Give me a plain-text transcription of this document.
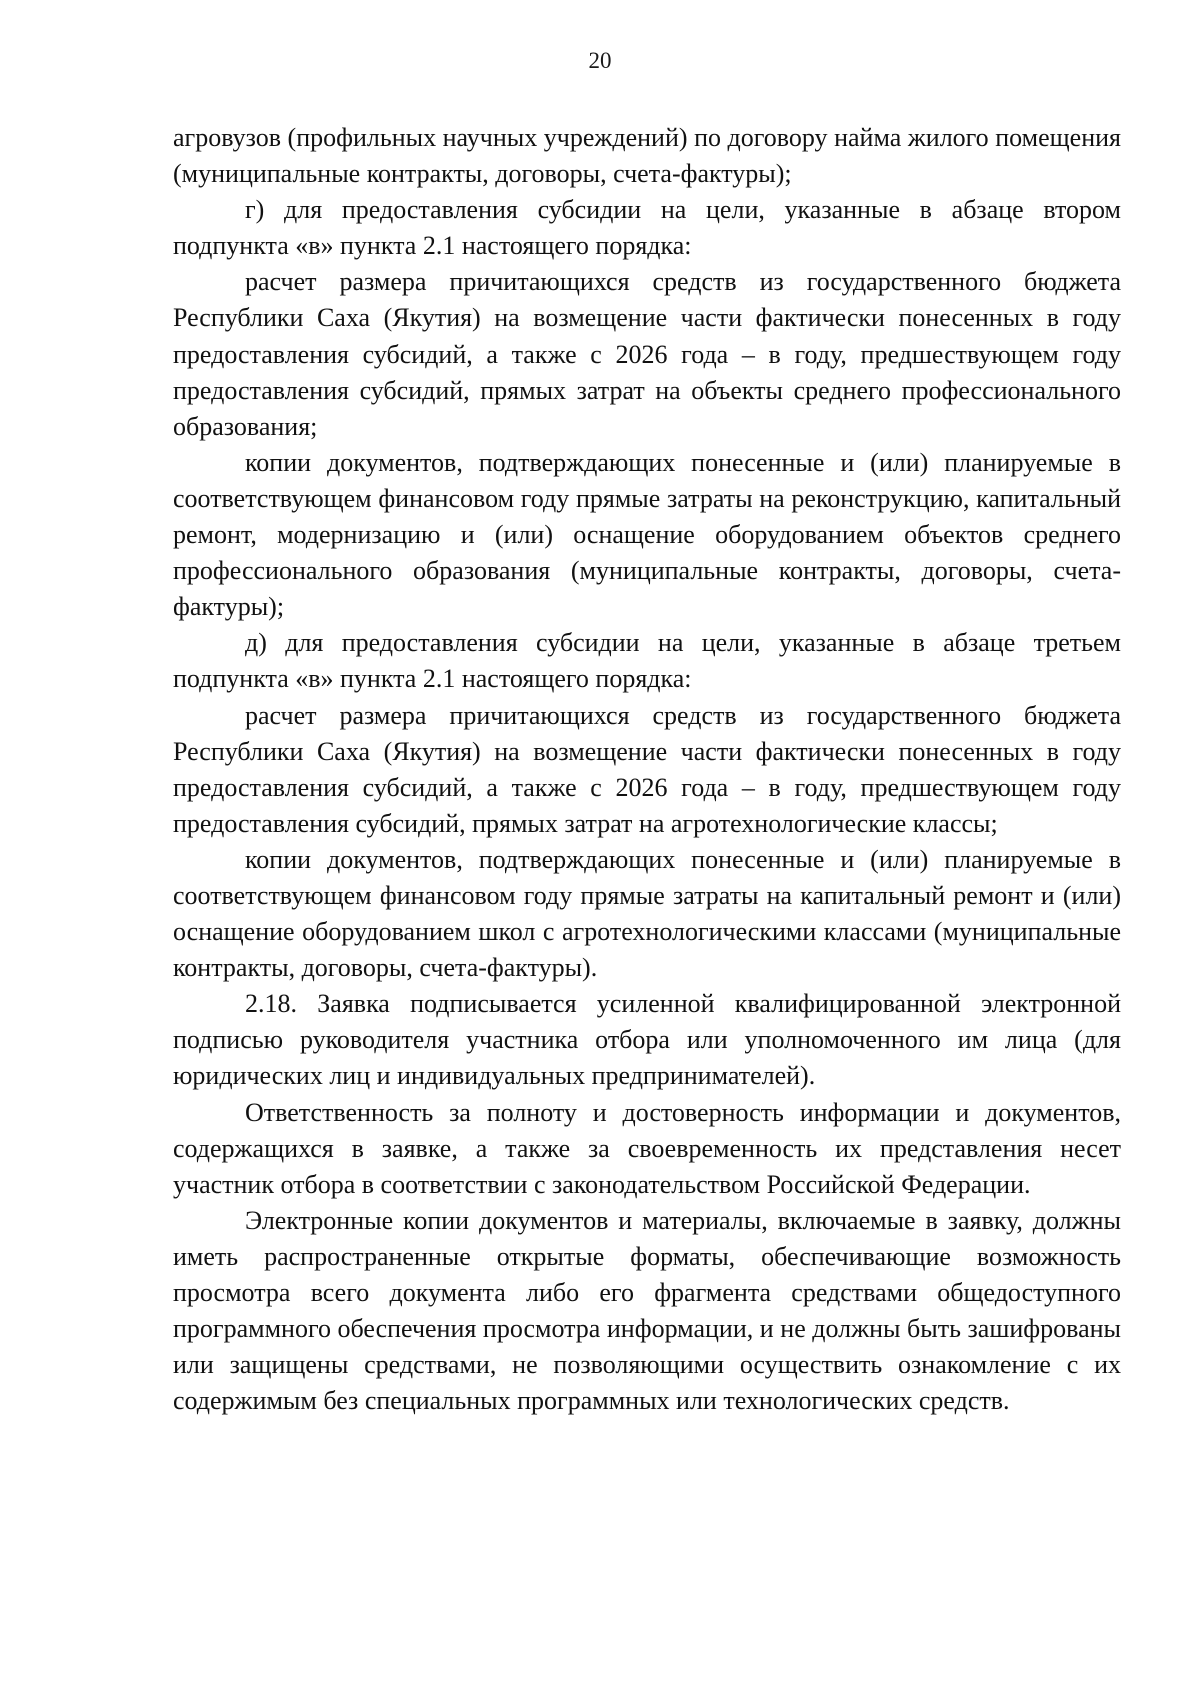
20

агровузов (профильных научных учреждений) по договору найма жилого помещения (муниципальные контракты, договоры, счета-фактуры);

г) для предоставления субсидии на цели, указанные в абзаце втором подпункта «в» пункта 2.1 настоящего порядка:

расчет размера причитающихся средств из государственного бюджета Республики Саха (Якутия) на возмещение части фактически понесенных в году предоставления субсидий, а также с 2026 года – в году, предшествующем году предоставления субсидий, прямых затрат на объекты среднего профессионального образования;

копии документов, подтверждающих понесенные и (или) планируемые в соответствующем финансовом году прямые затраты на реконструкцию, капитальный ремонт, модернизацию и (или) оснащение оборудованием объектов среднего профессионального образования (муниципальные контракты, договоры, счета-фактуры);

д) для предоставления субсидии на цели, указанные в абзаце третьем подпункта «в» пункта 2.1 настоящего порядка:

расчет размера причитающихся средств из государственного бюджета Республики Саха (Якутия) на возмещение части фактически понесенных в году предоставления субсидий, а также с 2026 года – в году, предшествующем году предоставления субсидий, прямых затрат на агротехнологические классы;

копии документов, подтверждающих понесенные и (или) планируемые в соответствующем финансовом году прямые затраты на капитальный ремонт и (или) оснащение оборудованием школ с агротехнологическими классами (муниципальные контракты, договоры, счета-фактуры).

2.18. Заявка подписывается усиленной квалифицированной электронной подписью руководителя участника отбора или уполномоченного им лица (для юридических лиц и индивидуальных предпринимателей).

Ответственность за полноту и достоверность информации и документов, содержащихся в заявке, а также за своевременность их представления несет участник отбора в соответствии с законодательством Российской Федерации.

Электронные копии документов и материалы, включаемые в заявку, должны иметь распространенные открытые форматы, обеспечивающие возможность просмотра всего документа либо его фрагмента средствами общедоступного программного обеспечения просмотра информации, и не должны быть зашифрованы или защищены средствами, не позволяющими осуществить ознакомление с их содержимым без специальных программных или технологических средств.
